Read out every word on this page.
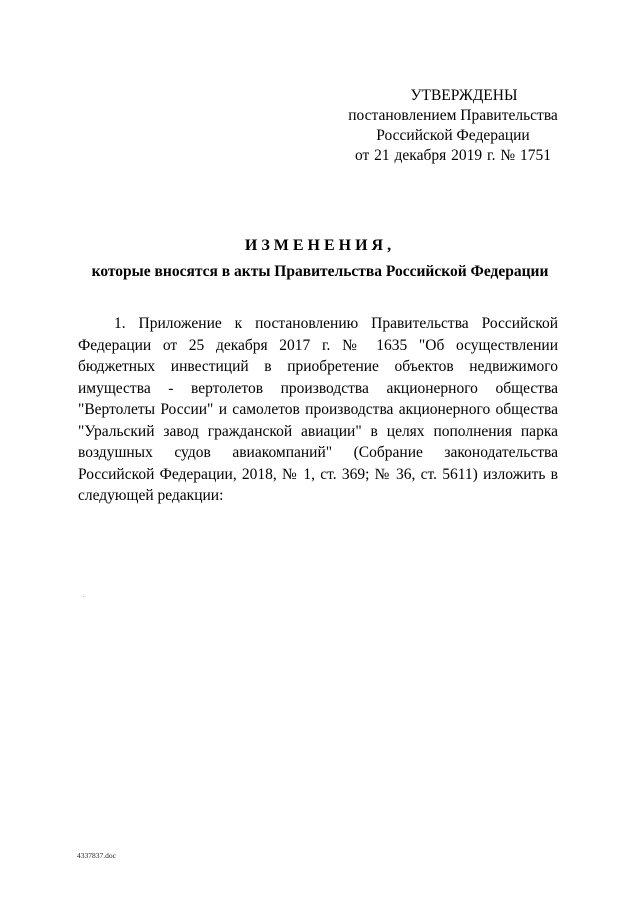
УТВЕРЖДЕНЫ
постановлением Правительства
Российской Федерации
от 21 декабря 2019 г. № 1751
ИЗМЕНЕНИЯ,
которые вносятся в акты Правительства Российской Федерации

1. Приложение к постановлению Правительства Российской Федерации от 25 декабря 2017 г. № 1635 "Об осуществлении бюджетных инвестиций в приобретение объектов недвижимого имущества - вертолетов производства акционерного общества "Вертолеты России" и самолетов производства акционерного общества "Уральский завод гражданской авиации" в целях пополнения парка воздушных судов авиакомпаний" (Собрание законодательства Российской Федерации, 2018, № 1, ст. 369; № 36, ст. 5611) изложить в следующей редакции:

4337837.doc
